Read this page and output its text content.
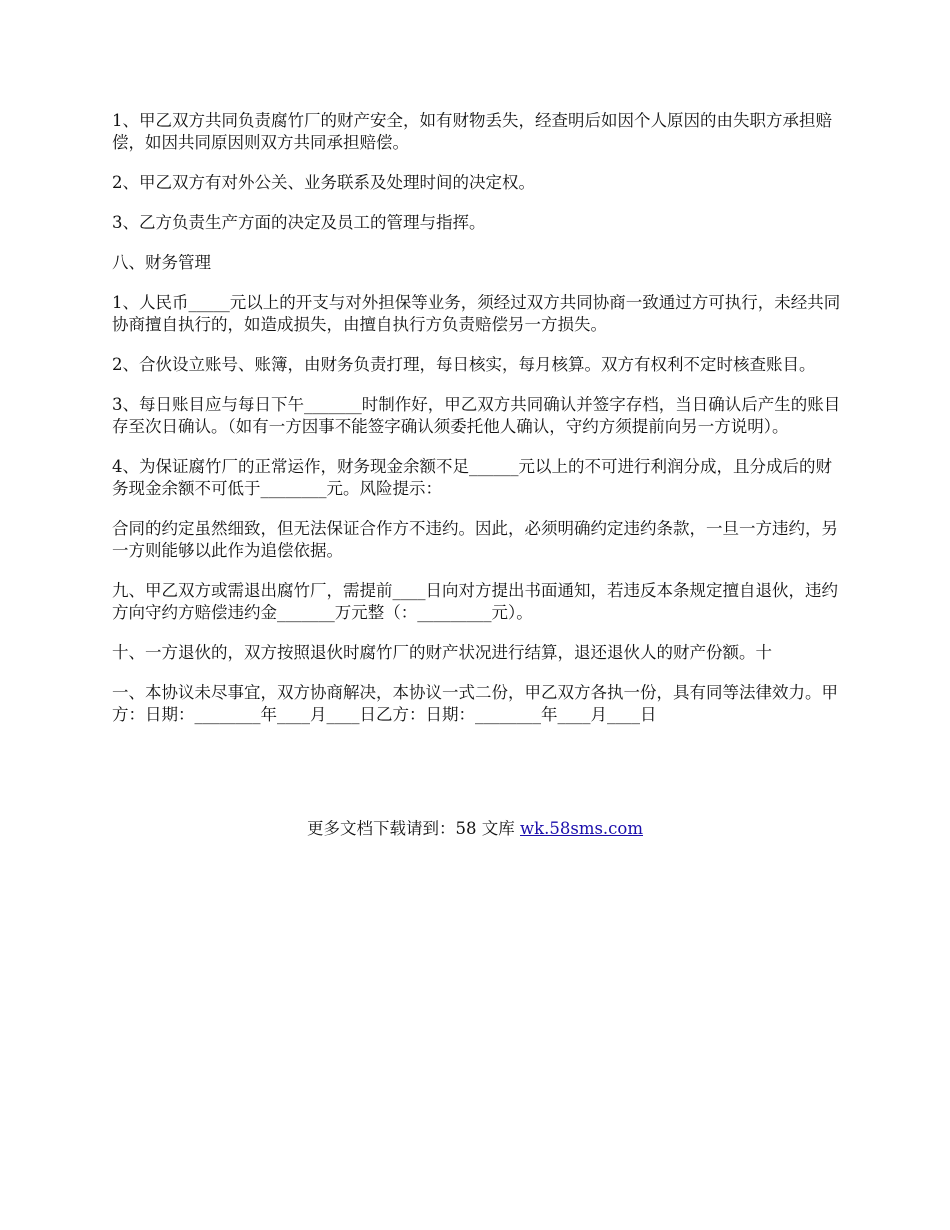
1、甲乙双方共同负责腐竹厂的财产安全，如有财物丢失，经查明后如因个人原因的由失职方承担赔偿，如因共同原因则双方共同承担赔偿。

2、甲乙双方有对外公关、业务联系及处理时间的决定权。

3、乙方负责生产方面的决定及员工的管理与指挥。

八、财务管理

1、人民币_____元以上的开支与对外担保等业务，须经过双方共同协商一致通过方可执行，未经共同协商擅自执行的，如造成损失，由擅自执行方负责赔偿另一方损失。

2、合伙设立账号、账簿，由财务负责打理，每日核实，每月核算。双方有权利不定时核查账目。

3、每日账目应与每日下午_______时制作好，甲乙双方共同确认并签字存档，当日确认后产生的账目存至次日确认。（如有一方因事不能签字确认须委托他人确认，守约方须提前向另一方说明）。

4、为保证腐竹厂的正常运作，财务现金余额不足______元以上的不可进行利润分成，且分成后的财务现金余额不可低于________元。风险提示：

合同的约定虽然细致，但无法保证合作方不违约。因此，必须明确约定违约条款，一旦一方违约，另一方则能够以此作为追偿依据。

九、甲乙双方或需退出腐竹厂，需提前____日向对方提出书面通知，若违反本条规定擅自退伙，违约方向守约方赔偿违约金_______万元整（：_________元）。

十、一方退伙的，双方按照退伙时腐竹厂的财产状况进行结算，退还退伙人的财产份额。十

一、本协议未尽事宜，双方协商解决，本协议一式二份，甲乙双方各执一份，具有同等法律效力。甲方：日期：________年____月____日乙方：日期：________年____月____日

更多文档下载请到：58 文库 wk.58sms.com
